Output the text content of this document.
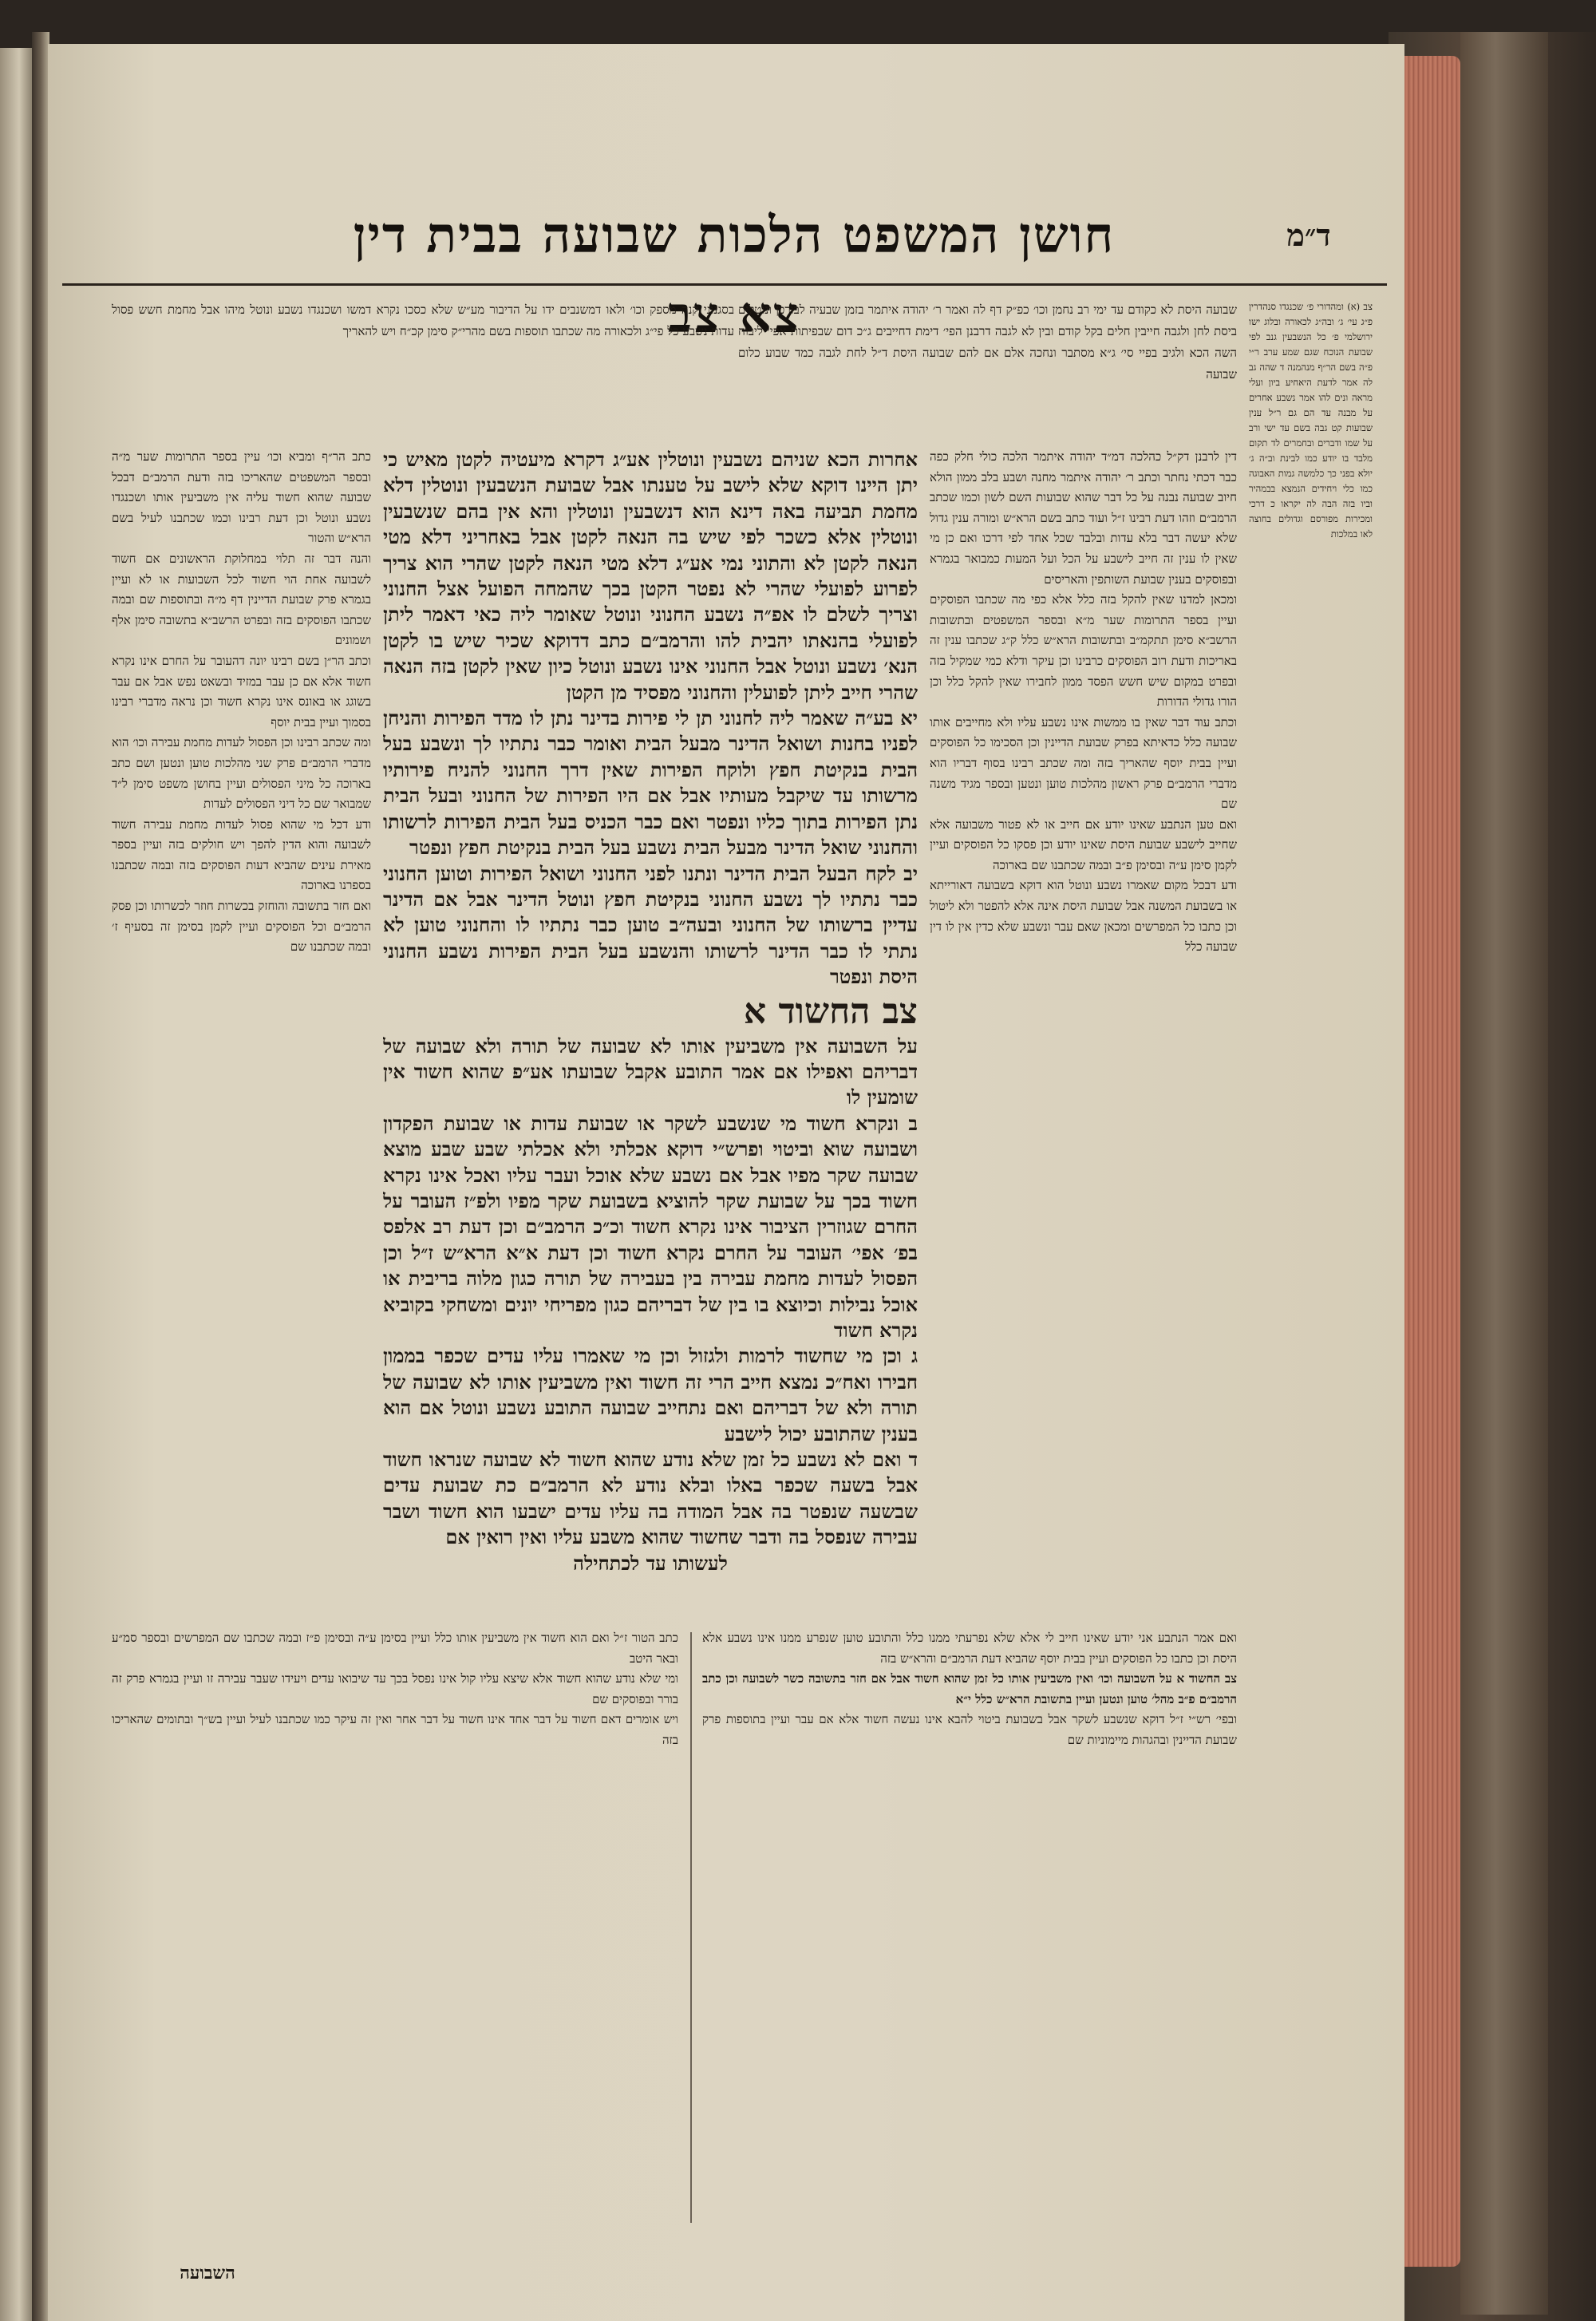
חושן המשפט הלכות שבועה בבית דין צא צב
ד״מ

צב (א) ומהדורי פ׳ שכנגדו סנהדרין פ״ג עי׳ ג׳ ובה״ג לכאורה ובלוג ישו ירושלמי פ׳ כל הנשבעין גנב לפי שבועת הנוכח שגם שמע ערב ר״י פ״ה בשם הר״ף מנהמנה ד שהה גב לה אמר לדעת היאחיע ביון ועלי מראה ונים להו אמר נשבע אחרים על מבנה עד הם גם ר״ל ענין שבועות קט גבה בשם עד ישי ורב על שמו ודברים ובחמרים לד תקום מלבד בו יודע כמו לבינת וב״ה ג׳ יולא בפני כך כלמשה גמות האבוגה כמו כלי ויחידים הנמצא בבמהיר וביו בזה הבה לה יקראו כ דרכי ומכירות מפורסם וגדולים בחוצה לאו במלכות

שבועה היסת לא כקודם עד ימי רב נחמן וכו׳ כפ״ק דף לה ואמר ר׳ יהודה איתמר בזמן שבעיה לבורכן ונוטלים ביסת לחן ולגבה חייבין חלים בקל קודם ובין לא לגבה דרבנן הפי׳ דימת דחייבים ג״כ דום שבפיתות אפי׳ ליבוח השה הכא ולגיב בפיי סי׳ ג״א מסתבר ונחכה אלם אם להם שבועה היסת ד״ל לחת לגבה כמד שבוע כלום שבועה

דין לרבנן דק״ל כהלכה דמ״ד יהודה איתמר הלכה כולי חלק כפה כבר דכתי נחתר וכתב ר׳ יהודה איתמר מחנה ושבע בלב ממון הולא חיוב שבועה נבנה על כל דבר שהוא שבועות השם לשון וכמו שכתב הרמב״ם וזהו דעת רבינו ז״ל ועוד כתב בשם הרא״ש ומורה ענין גדול שלא יעשה דבר בלא עדות ובלבד שכל אחד לפי דרכו ואם כן מי שאין לו ענין זה חייב לישבע על הכל ועל המעות כמבואר בגמרא ובפוסקים בענין שבועת השותפין והאריסים

ומכאן למדנו שאין להקל בזה כלל אלא כפי מה שכתבו הפוסקים ועיין בספר התרומות שער מ״א ובספר המשפטים ובתשובות הרשב״א סימן תתקמ״ב ובתשובות הרא״ש כלל ק״ג שכתבו ענין זה באריכות ודעת רוב הפוסקים כרבינו וכן עיקר ודלא כמי שמקיל בזה ובפרט במקום שיש חשש הפסד ממון לחבירו שאין להקל כלל וכן הורו גדולי הדורות

וכתב עוד דבר שאין בו ממשות אינו נשבע עליו ולא מחייבים אותו שבועה כלל כדאיתא בפרק שבועת הדיינין וכן הסכימו כל הפוסקים ועיין בבית יוסף שהאריך בזה ומה שכתב רבינו בסוף דבריו הוא מדברי הרמב״ם פרק ראשון מהלכות טוען ונטען ובספר מגיד משנה שם

ואם טען הנתבע שאינו יודע אם חייב או לא פטור משבועה אלא שחייב לישבע שבועת היסת שאינו יודע וכן פסקו כל הפוסקים ועיין לקמן סימן ע״ה ובסימן פ״ב ובמה שכתבנו שם בארוכה

ודע דבכל מקום שאמרו נשבע ונוטל הוא דוקא בשבועה דאורייתא או בשבועת המשנה אבל שבועת היסת אינה אלא להפטר ולא ליטול וכן כתבו כל המפרשים ומכאן שאם עבר ונשבע שלא כדין אין לו דין שבועה כלל

אחרות הכא שניהם נשבעין ונוטלין אע״ג דקרא מיעטיה לקטן מאיש כי יתן היינו דוקא שלא לישב על טענתו אבל שבועת הנשבעין ונוטלין דלא מחמת תביעה באה דינא הוא דנשבעין ונוטלין והא אין בהם שנשבעין ונוטלין אלא כשכר לפי שיש בה הנאה לקטן אבל באחריני דלא מטי הנאה לקטן לא והתוני נמי אע״ג דלא מטי הנאה לקטן שהרי הוא צריך לפרוע לפועלי שהרי לא נפטר הקטן בכך שהמחה הפועל אצל החנוני וצריך לשלם לו אפ״ה נשבע החנוני ונוטל שאומר ליה כאי דאמר ליתן לפועלי בהנאתו יהבית להו והרמב״ם כתב דדוקא שכיר שיש בו לקטן הנא׳ נשבע ונוטל אבל החנוני אינו נשבע ונוטל כיון שאין לקטן בזה הנאה שהרי חייב ליתן לפועלין והחנוני מפסיד מן הקטן

יא בע״ה שאמר ליה לחנוני תן לי פירות בדינר נתן לו מדד הפירות והניחן לפניו בחנות ושואל הדינר מבעל הבית ואומר כבר נתתיו לך ונשבע בעל הבית בנקיטת חפץ ולוקח הפירות שאין דרך החנוני להניח פירותיו מרשותו עד שיקבל מעותיו אבל אם היו הפירות של החנוני ובעל הבית נתן הפירות בתוך כליו ונפטר ואם כבר הכניס בעל הבית הפירות לרשותו והחנוני שואל הדינר מבעל הבית נשבע בעל הבית בנקיטת חפץ ונפטר

יב לקח הבעל הבית הדינר ונתנו לפני החנוני ושואל הפירות וטוען החנוני כבר נתתיו לך נשבע החנוני בנקיטת חפץ ונוטל הדינר אבל אם הדינר עדיין ברשותו של החנוני ובעה״ב טוען כבר נתתיו לו והחנוני טוען לא נתתי לו כבר הדינר לרשותו והנשבע בעל הבית הפירות נשבע החנוני היסת ונפטר

צב החשוד א

על השבועה אין משביעין אותו לא שבועה של תורה ולא שבועה של דבריהם ואפילו אם אמר התובע אקבל שבועתו אע״פ שהוא חשוד אין שומעין לו

ב ונקרא חשוד מי שנשבע לשקר או שבועת עדות או שבועת הפקדון ושבועה שוא וביטוי ופרש״י דוקא אכלתי ולא אכלתי שבע שבע מוצא שבועה שקר מפיו אבל אם נשבע שלא אוכל ועבר עליו ואכל אינו נקרא חשוד בכך על שבועת שקר להוציא בשבועת שקר מפיו ולפ״ז העובר על החרם שגוזרין הציבור אינו נקרא חשוד וכ״כ הרמב״ם וכן דעת רב אלפס בפ׳ אפי׳ העובר על החרם נקרא חשוד וכן דעת א״א הרא״ש ז״ל וכן הפסול לעדות מחמת עבירה בין בעבירה של תורה כגון מלוה בריבית או אוכל נבילות וכיוצא בו בין של דבריהם כגון מפריחי יונים ומשחקי בקוביא נקרא חשוד

ג וכן מי שחשוד לרמות ולגזול וכן מי שאמרו עליו עדים שכפר בממון חבירו ואח״כ נמצא חייב הרי זה חשוד ואין משביעין אותו לא שבועה של תורה ולא של דבריהם ואם נתחייב שבועה התובע נשבע ונוטל אם הוא בענין שהתובע יכול לישבע

ד ואם לא נשבע כל זמן שלא נודע שהוא חשוד לא שבועה שנראו חשוד אבל בשעה שכפר באלו ובלא נודע לא הרמב״ם כת שבועת עדים שבשעה שנפטר בה אבל המודה בה עליו עדים ישבעו הוא חשוד ושבר עבירה שנפסל בה ודבר שחשוד שהוא משבע עליו ואין רואין אם

לעשותו עד לכתחילה

בסגנוני קנה מספק וכו׳ ולאו דמשנבים ידו על הדיבור מע״ש שלא כסכו נקרא דמשו ושכנגדו נשבע ונוטל מיהו אבל מחמת חשש פסול עדות נשבע כל פי״ג ולכאורה מה שכתבו תוספות בשם מהרי״ק סימן קכ״ח ויש להאריך

כתב הר״ף ומביא וכו׳ עיין בספר התרומות שער מ״ה ובספר המשפטים שהאריכו בזה ודעת הרמב״ם דבכל שבועה שהוא חשוד עליה אין משביעין אותו ושכנגדו נשבע ונוטל וכן דעת רבינו וכמו שכתבנו לעיל בשם הרא״ש והטור

והנה דבר זה תלוי במחלוקת הראשונים אם חשוד לשבועה אחת הוי חשוד לכל השבועות או לא ועיין בגמרא פרק שבועת הדיינין דף מ״ה ובתוספות שם ובמה שכתבו הפוסקים בזה ובפרט הרשב״א בתשובה סימן אלף ושמונים

וכתב הר״ן בשם רבינו יונה דהעובר על החרם אינו נקרא חשוד אלא אם כן עבר במזיד ובשאט נפש אבל אם עבר בשוגג או באונס אינו נקרא חשוד וכן נראה מדברי רבינו בסמוך ועיין בבית יוסף

ומה שכתב רבינו וכן הפסול לעדות מחמת עבירה וכו׳ הוא מדברי הרמב״ם פרק שני מהלכות טוען ונטען ושם כתב בארוכה כל מיני הפסולים ועיין בחושן משפט סימן ל״ד שמבואר שם כל דיני הפסולים לעדות

ודע דכל מי שהוא פסול לעדות מחמת עבירה חשוד לשבועה והוא הדין להפך ויש חולקים בזה ועיין בספר מאירת עינים שהביא דעות הפוסקים בזה ובמה שכתבנו בספרנו בארוכה

ואם חזר בתשובה והוחזק בכשרות חוזר לכשרותו וכן פסק הרמב״ם וכל הפוסקים ועיין לקמן בסימן זה בסעיף ז׳ ובמה שכתבנו שם

ואם אמר הנתבע אני יודע שאינו חייב לי אלא שלא נפרעתי ממנו כלל והתובע טוען שנפרע ממנו אינו נשבע אלא היסת וכן כתבו כל הפוסקים ועיין בבית יוסף שהביא דעת הרמב״ם והרא״ש בזה

צב החשוד א על השבועה וכו׳ ואין משביעין אותו כל זמן שהוא חשוד אבל אם חזר בתשובה כשר לשבועה וכן כתב הרמב״ם פ״ב מהל׳ טוען ונטען ועיין בתשובת הרא״ש כלל י״א

ובפי׳ רש״י ז״ל דוקא שנשבע לשקר אבל בשבועת ביטוי להבא אינו נעשה חשוד אלא אם עבר ועיין בתוספות פרק שבועת הדיינין ובהגהות מיימוניות שם

כתב הטור ז״ל ואם הוא חשוד אין משביעין אותו כלל ועיין בסימן ע״ה ובסימן פ״ז ובמה שכתבו שם המפרשים ובספר סמ״ע ובאר היטב

ומי שלא נודע שהוא חשוד אלא שיצא עליו קול אינו נפסל בכך עד שיבואו עדים ויעידו שעבר עבירה זו ועיין בגמרא פרק זה בורר ובפוסקים שם

ויש אומרים דאם חשוד על דבר אחד אינו חשוד על דבר אחר ואין זה עיקר כמו שכתבנו לעיל ועיין בש״ך ובתומים שהאריכו בזה

השבועה
